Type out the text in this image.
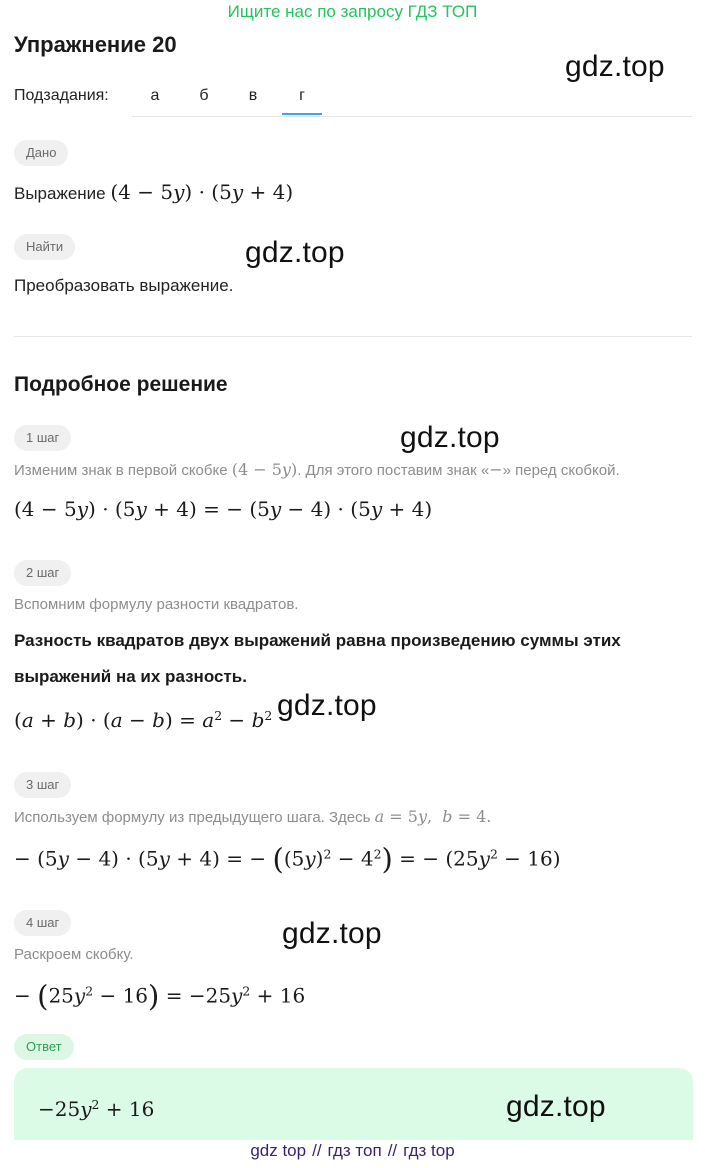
Ищите нас по запросу ГДЗ ТОП
Упражнение 20
gdz.top
Подзадания:	а	б	в	г
Дано
Выражение (4 − 5y) · (5y + 4)
Найти	gdz.top
Преобразовать выражение.
Подробное решение
1 шаг	gdz.top
Изменим знак в первой скобке (4 − 5y). Для этого поставим знак «−» перед скобкой.
(4 − 5y) · (5y + 4) = − (5y − 4) · (5y + 4)
2 шаг
Вспомним формулу разности квадратов.
Разность квадратов двух выражений равна произведению суммы этих
выражений на их разность.
$(a + b) \cdot (a - b) = a^2 - b^2$ gdz.top
3 шаг
Используем формулу из предыдущего шага. Здесь a = 5y,  b = 4.
− (5y − 4) · (5y + 4) = − $((5y)^2 - 4^2)$ = − $(25y^2 - 16)$
4 шаг	gdz.top
Раскроем скобку.
− $(25y^2 - 16) = -25y^2 + 16$
Ответ
$-25y^2 + 16$	gdz.top
gdz top // гдз топ // гдз top
